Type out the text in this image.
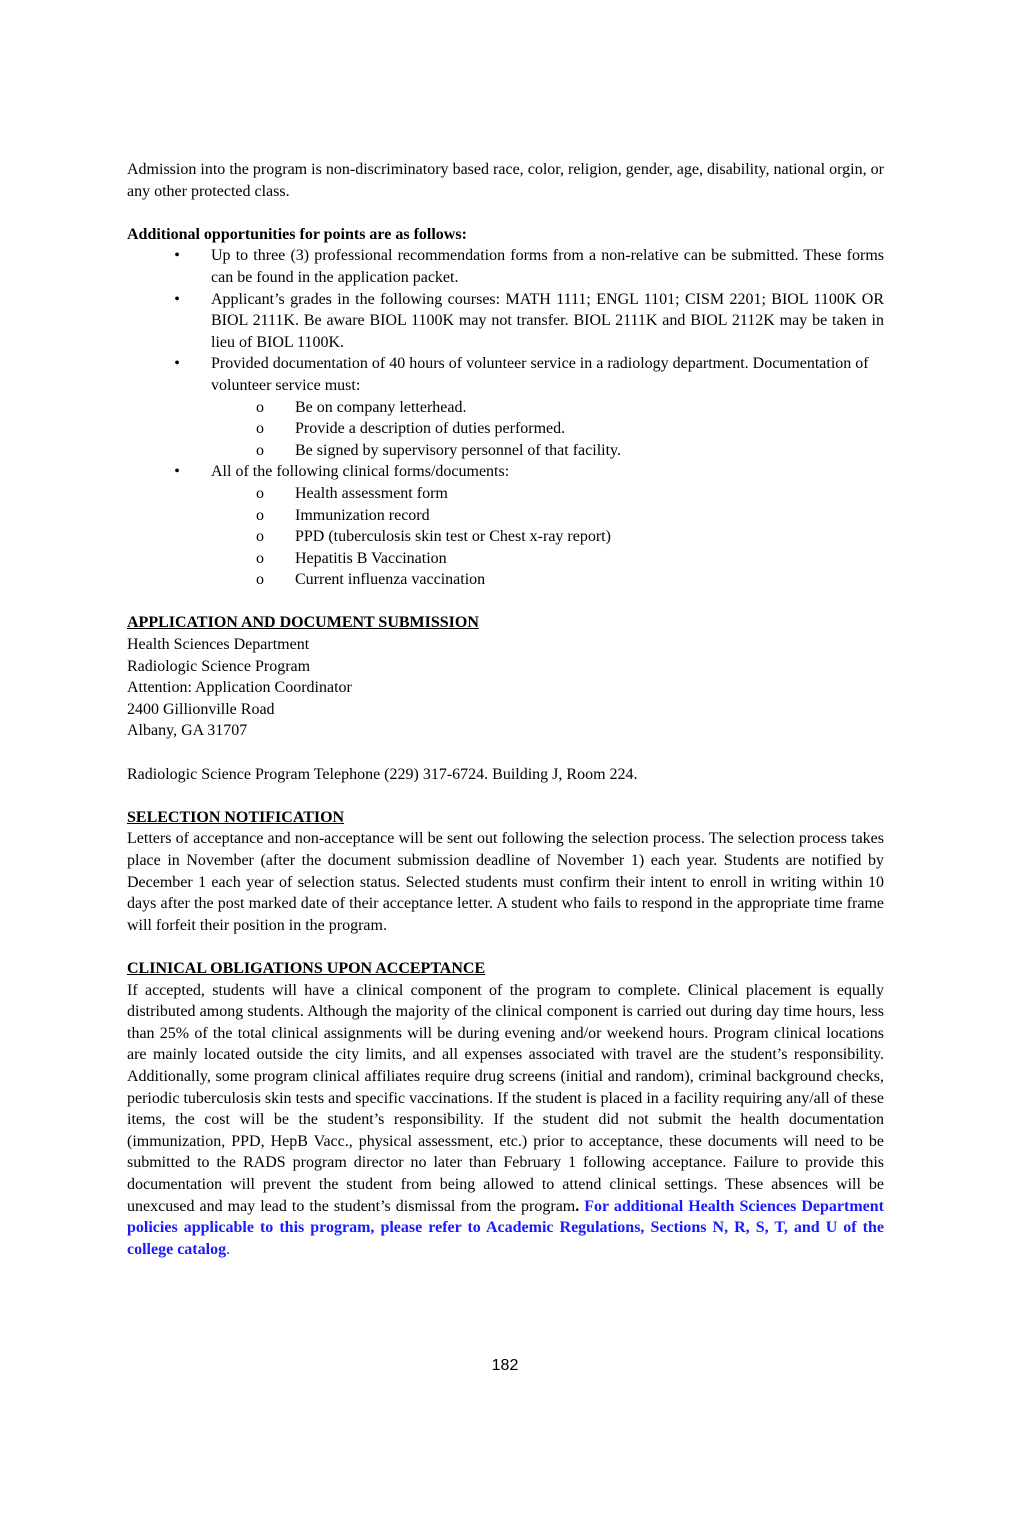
Admission into the program is non-discriminatory based race, color, religion, gender, age, disability, national orgin, or any other protected class.

Additional opportunities for points are as follows:

• Up to three (3) professional recommendation forms from a non-relative can be submitted. These forms can be found in the application packet.
• Applicant’s grades in the following courses: MATH 1111; ENGL 1101; CISM 2201; BIOL 1100K OR BIOL 2111K. Be aware BIOL 1100K may not transfer. BIOL 2111K and BIOL 2112K may be taken in lieu of BIOL 1100K.
• Provided documentation of 40 hours of volunteer service in a radiology department. Documentation of volunteer service must:
o Be on company letterhead.
o Provide a description of duties performed.
o Be signed by supervisory personnel of that facility.
• All of the following clinical forms/documents:
o Health assessment form
o Immunization record
o PPD (tuberculosis skin test or Chest x-ray report)
o Hepatitis B Vaccination
o Current influenza vaccination

APPLICATION AND DOCUMENT SUBMISSION

Health Sciences Department

Radiologic Science Program

Attention: Application Coordinator

2400 Gillionville Road

Albany, GA 31707

Radiologic Science Program Telephone (229) 317-6724. Building J, Room 224.

SELECTION NOTIFICATION

Letters of acceptance and non-acceptance will be sent out following the selection process. The selection process takes place in November (after the document submission deadline of November 1) each year. Students are notified by December 1 each year of selection status. Selected students must confirm their intent to enroll in writing within 10 days after the post marked date of their acceptance letter. A student who fails to respond in the appropriate time frame will forfeit their position in the program.

CLINICAL OBLIGATIONS UPON ACCEPTANCE

If accepted, students will have a clinical component of the program to complete. Clinical placement is equally distributed among students. Although the majority of the clinical component is carried out during day time hours, less than 25% of the total clinical assignments will be during evening and/or weekend hours. Program clinical locations are mainly located outside the city limits, and all expenses associated with travel are the student’s responsibility. Additionally, some program clinical affiliates require drug screens (initial and random), criminal background checks, periodic tuberculosis skin tests and specific vaccinations. If the student is placed in a facility requiring any/all of these items, the cost will be the student’s responsibility. If the student did not submit the health documentation (immunization, PPD, HepB Vacc., physical assessment, etc.) prior to acceptance, these documents will need to be submitted to the RADS program director no later than February 1 following acceptance. Failure to provide this documentation will prevent the student from being allowed to attend clinical settings. These absences will be unexcused and may lead to the student’s dismissal from the program. For additional Health Sciences Department policies applicable to this program, please refer to Academic Regulations, Sections N, R, S, T, and U of the college catalog.

182
